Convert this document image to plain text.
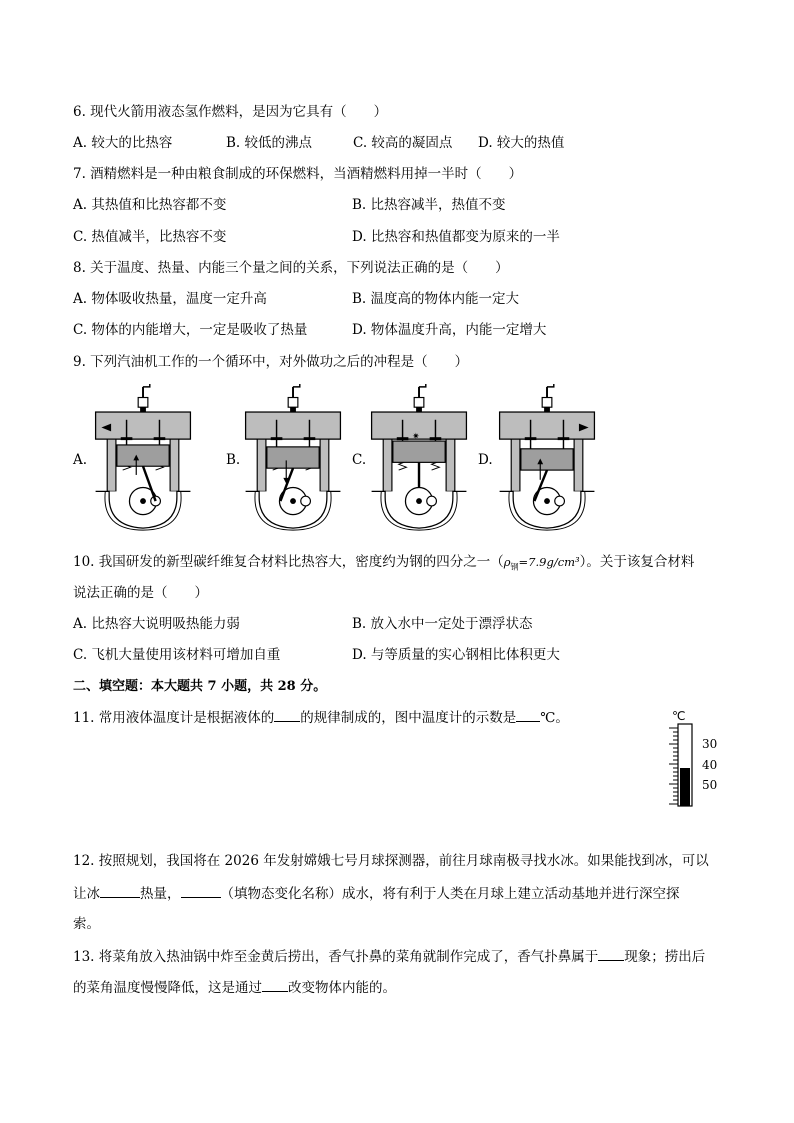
6. 现代火箭用液态氢作燃料，是因为它具有（　　）
A. 较大的比热容	B. 较低的沸点	C. 较高的凝固点 D. 较大的热值
7. 酒精燃料是一种由粮食制成的环保燃料，当酒精燃料用掉一半时（　　）
A. 其热值和比热容都不变	B. 比热容减半，热值不变
C. 热值减半，比热容不变	D. 比热容和热值都变为原来的一半
8. 关于温度、热量、内能三个量之间的关系，下列说法正确的是（　　）
A. 物体吸收热量，温度一定升高	B. 温度高的物体内能一定大
C. 物体的内能增大，一定是吸收了热量	D. 物体温度升高，内能一定增大
9. 下列汽油机工作的一个循环中，对外做功之后的冲程是（　　）
A.	B.
✷
C.	D.
10. 我国研发的新型碳纤维复合材料比热容大，密度约为钢的四分之一$(\rho_钢=7.9g/cm^3)$。关于该复合材料
说法正确的是（　　）
A. 比热容大说明吸热能力弱	B. 放入水中一定处于漂浮状态
C. 飞机大量使用该材料可增加自重	D. 与等质量的实心钢相比体积更大
二、填空题：本大题共 7 小题，共 28 分。
11. 常用液体温度计是根据液体的 的规律制成的，图中温度计的示数是 ℃。	℃
30
40
50
12. 按照规划，我国将在 2026 年发射嫦娥七号月球探测器，前往月球南极寻找水冰。如果能找到冰，可以
让冰	热量，	（填物态变化名称）成水，将有利于人类在月球上建立活动基地并进行深空探
索。
13. 将菜角放入热油锅中炸至金黄后捞出，香气扑鼻的菜角就制作完成了，香气扑鼻属于 现象；捞出后
的菜角温度慢慢降低，这是通过 改变物体内能的。
